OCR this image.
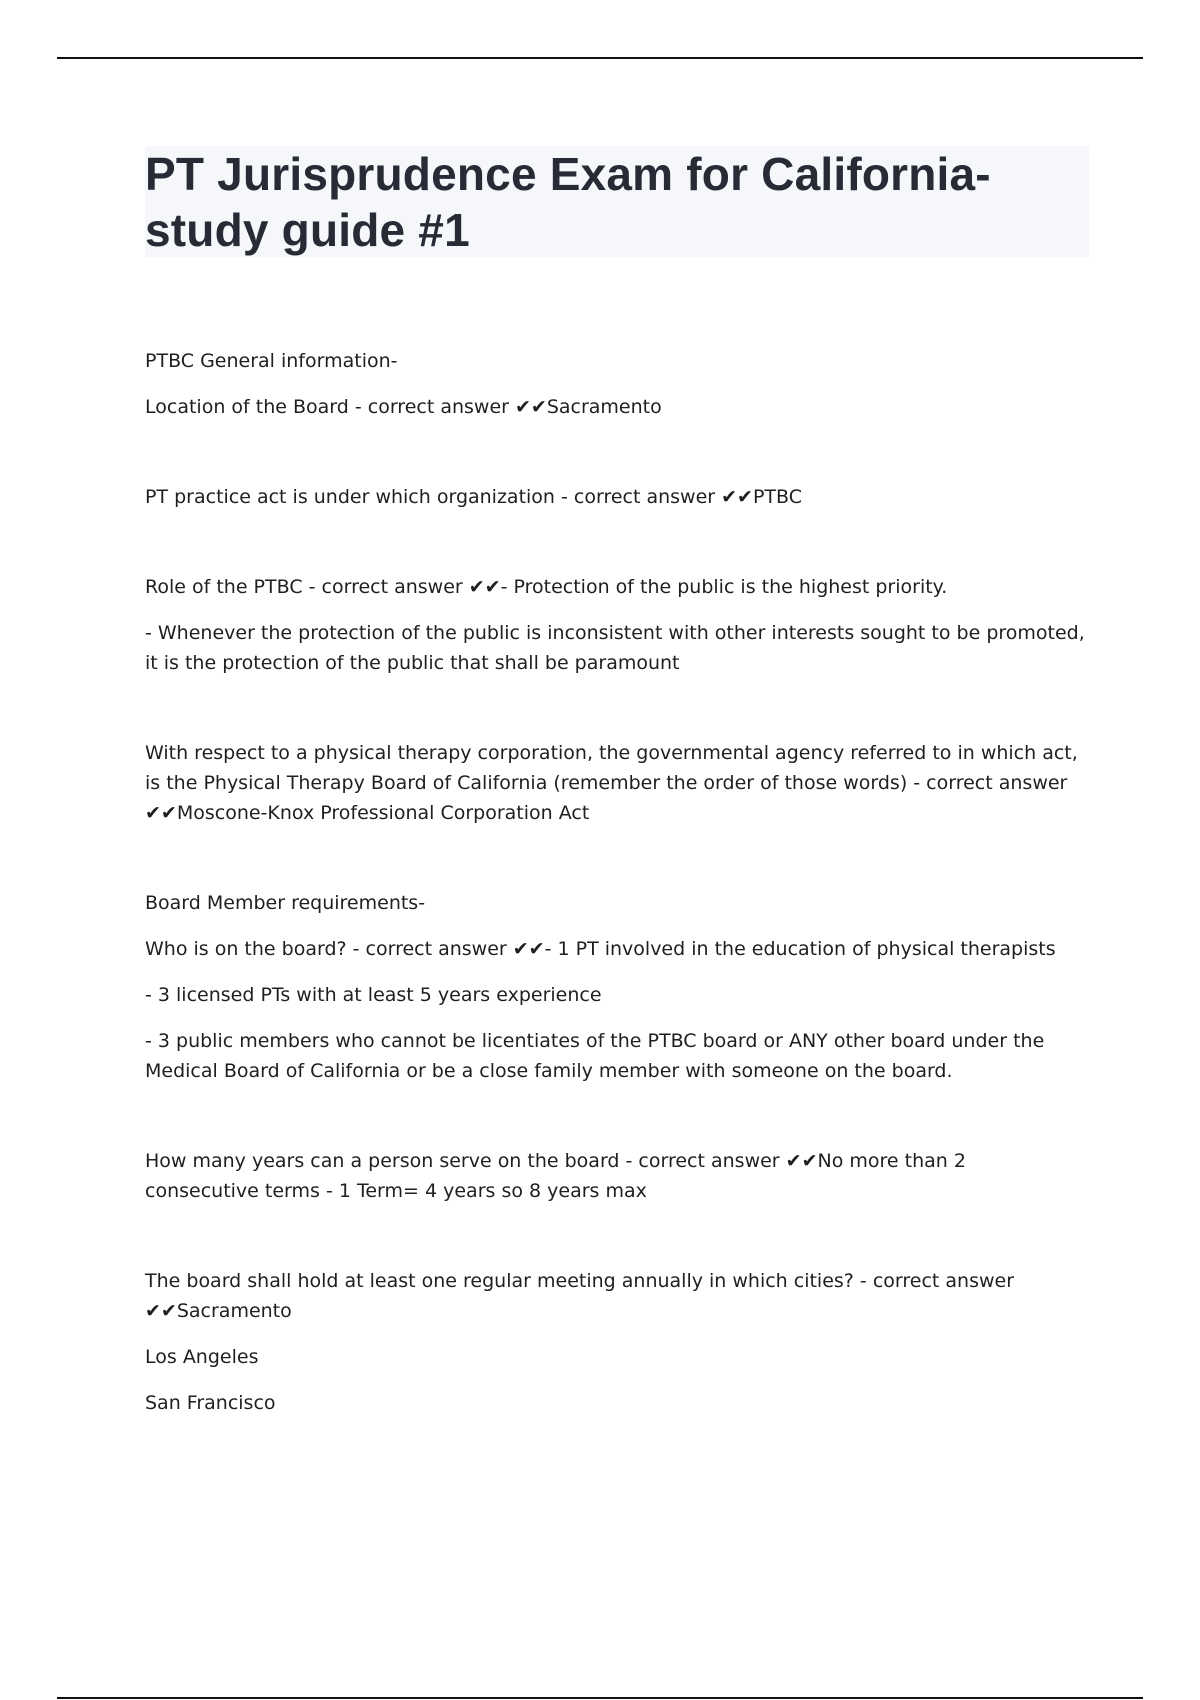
PT Jurisprudence Exam for California- study guide #1

PTBC General information-

Location of the Board - correct answer ✔✔Sacramento

PT practice act is under which organization - correct answer ✔✔PTBC

Role of the PTBC - correct answer ✔✔- Protection of the public is the highest priority.

- Whenever the protection of the public is inconsistent with other interests sought to be promoted, it is the protection of the public that shall be paramount

With respect to a physical therapy corporation, the governmental agency referred to in which act, is the Physical Therapy Board of California (remember the order of those words) - correct answer ✔✔Moscone-Knox Professional Corporation Act

Board Member requirements-

Who is on the board? - correct answer ✔✔- 1 PT involved in the education of physical therapists

- 3 licensed PTs with at least 5 years experience

- 3 public members who cannot be licentiates of the PTBC board or ANY other board under the Medical Board of California or be a close family member with someone on the board.

How many years can a person serve on the board - correct answer ✔✔No more than 2 consecutive terms - 1 Term= 4 years so 8 years max

The board shall hold at least one regular meeting annually in which cities? - correct answer ✔✔Sacramento

Los Angeles

San Francisco
